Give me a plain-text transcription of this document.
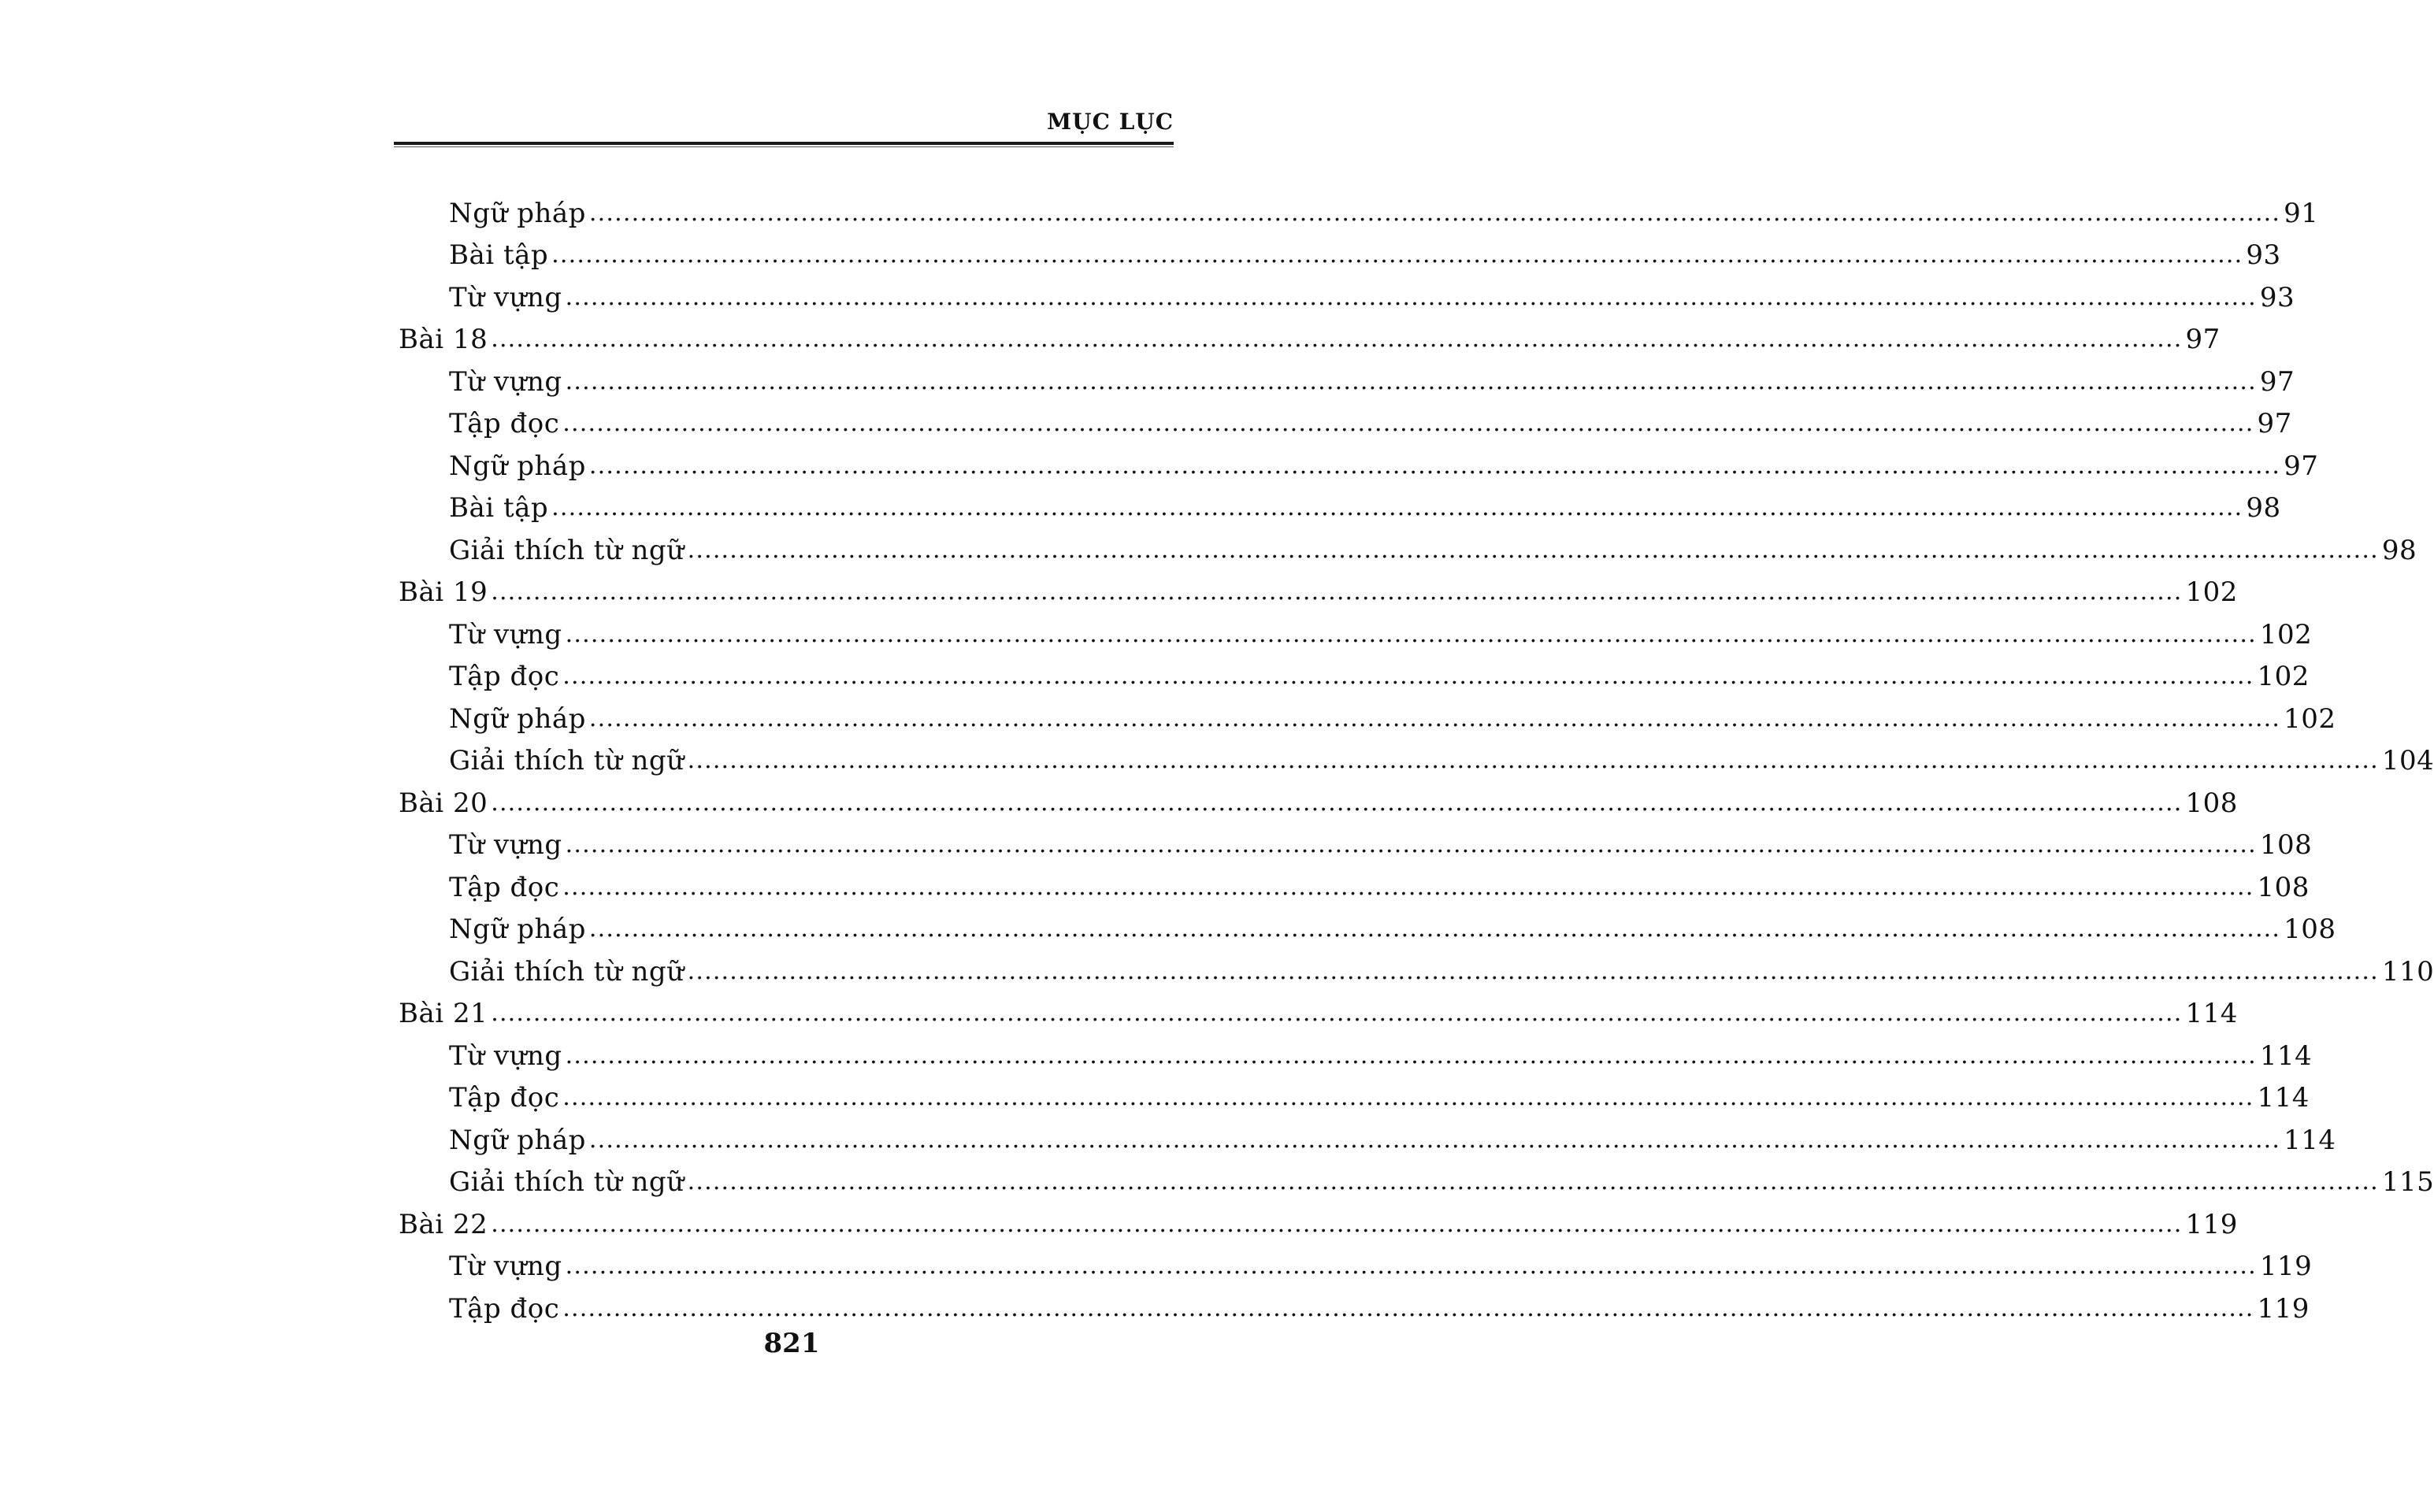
MỤC LỤC
Ngữ pháp ........................................................................................................................................................................................................ 91
Bài tập ........................................................................................................................................................................................................ 93
Từ vựng ........................................................................................................................................................................................................ 93
Bài 18 ........................................................................................................................................................................................................ 97
Từ vựng ........................................................................................................................................................................................................ 97
Tập đọc ........................................................................................................................................................................................................ 97
Ngữ pháp ........................................................................................................................................................................................................ 97
Bài tập ........................................................................................................................................................................................................ 98
Giải thích từ ngữ ........................................................................................................................................................................................................ 98
Bài 19 ........................................................................................................................................................................................................ 102
Từ vựng ........................................................................................................................................................................................................ 102
Tập đọc ........................................................................................................................................................................................................ 102
Ngữ pháp ........................................................................................................................................................................................................ 102
Giải thích từ ngữ ........................................................................................................................................................................................................ 104
Bài 20 ........................................................................................................................................................................................................ 108
Từ vựng ........................................................................................................................................................................................................ 108
Tập đọc ........................................................................................................................................................................................................ 108
Ngữ pháp ........................................................................................................................................................................................................ 108
Giải thích từ ngữ ........................................................................................................................................................................................................ 110
Bài 21 ........................................................................................................................................................................................................ 114
Từ vựng ........................................................................................................................................................................................................ 114
Tập đọc ........................................................................................................................................................................................................ 114
Ngữ pháp ........................................................................................................................................................................................................ 114
Giải thích từ ngữ ........................................................................................................................................................................................................ 115
Bài 22 ........................................................................................................................................................................................................ 119
Từ vựng ........................................................................................................................................................................................................ 119
Tập đọc ........................................................................................................................................................................................................ 119
821
